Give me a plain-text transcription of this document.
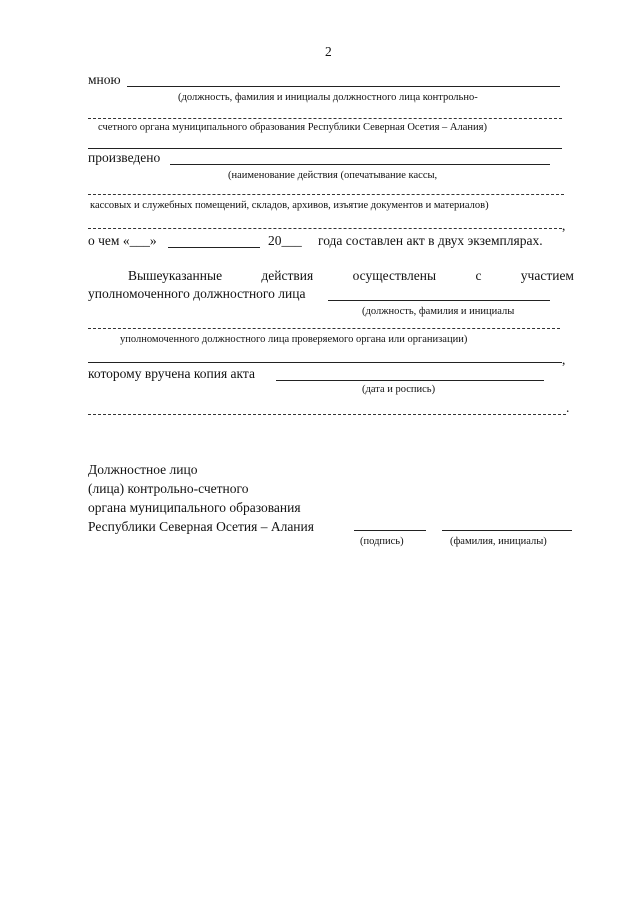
2
мною
(должность, фамилия и инициалы должностного лица контрольно-
счетного органа муниципального образования Республики Северная Осетия – Алания)
произведено
(наименование действия (опечатывание кассы,
кассовых и служебных помещений, складов, архивов, изъятие документов и материалов)
,
о чем «___»	20___ года составлен акт в двух экземплярах.
Вышеуказанные	действия	осуществлены	с	участием
уполномоченного должностного лица
(должность, фамилия и инициалы
уполномоченного должностного лица проверяемого органа или организации)
,
которому вручена копия акта
(дата и роспись)
.
Должностное лицо
(лица) контрольно-счетного
органа муниципального образования
Республики Северная Осетия – Алания
(подпись)	(фамилия, инициалы)
